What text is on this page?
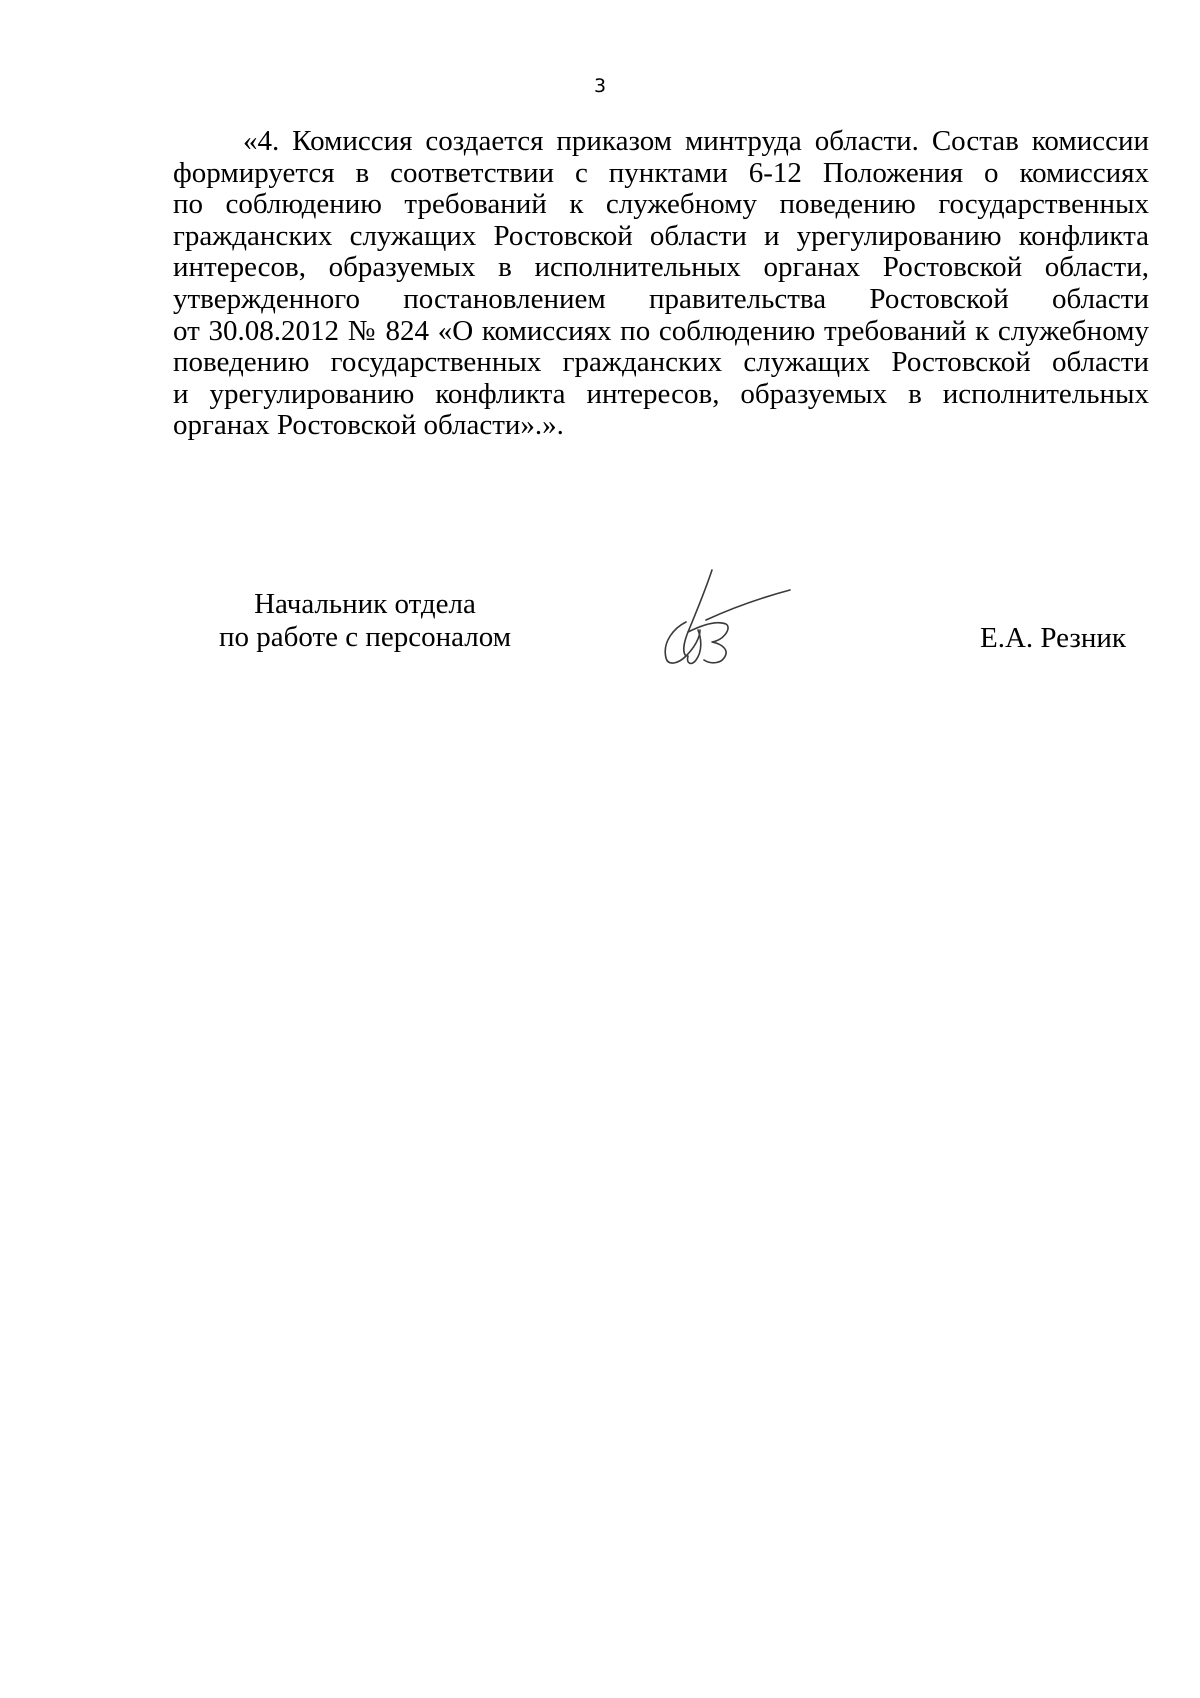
3
«4. Комиссия создается приказом минтруда области. Состав комиссии
формируется в соответствии с пунктами 6-12 Положения о комиссиях
по соблюдению требований к служебному поведению государственных
гражданских служащих Ростовской области и урегулированию конфликта
интересов, образуемых в исполнительных органах Ростовской области,
утвержденного постановлением правительства Ростовской области
от 30.08.2012 № 824 «О комиссиях по соблюдению требований к служебному
поведению государственных гражданских служащих Ростовской области
и урегулированию конфликта интересов, образуемых в исполнительных
органах Ростовской области».».
Начальник отдела
по работе с персоналом	Е.А. Резник
